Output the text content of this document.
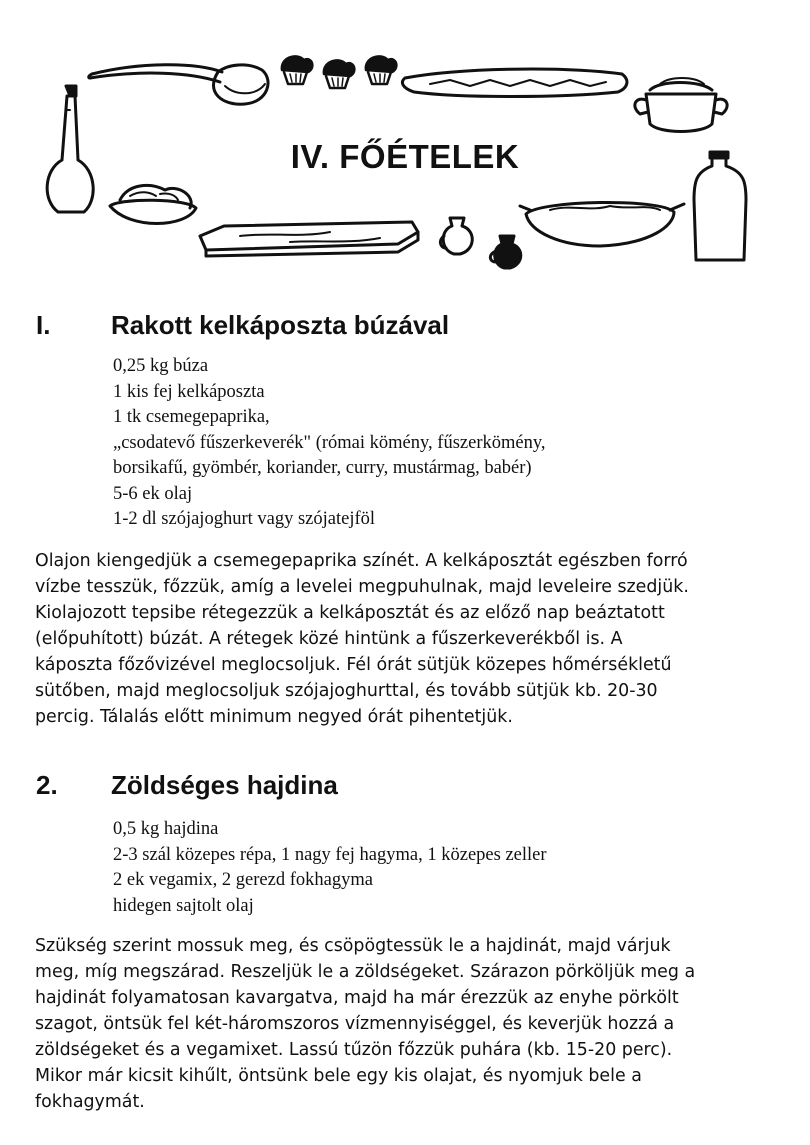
IV. FŐÉTELEK
I. Rakott kelkáposzta búzával
0,25 kg búza
1 kis fej kelkáposzta
1 tk csemegepaprika,
„csodatevő fűszerkeverék" (római kömény, fűszerkömény,
borsikafű, gyömbér, koriander, curry, mustármag, babér)
5-6 ek olaj
1-2 dl szójajoghurt vagy szójatejföl
Olajon kiengedjük a csemegepaprika színét. A kelkáposztát egészben forró
vízbe tesszük, főzzük, amíg a levelei megpuhulnak, majd leveleire szedjük.
Kiolajozott tepsibe rétegezzük a kelkáposztát és az előző nap beáztatott
(előpuhított) búzát. A rétegek közé hintünk a fűszerkeverékből is. A
káposzta főzővizével meglocsoljuk. Fél órát sütjük közepes hőmérsékletű
sütőben, majd meglocsoljuk szójajoghurttal, és tovább sütjük kb. 20-30
percig. Tálalás előtt minimum negyed órát pihentetjük.
2. Zöldséges hajdina
0,5 kg hajdina
2-3 szál közepes répa, 1 nagy fej hagyma, 1 közepes zeller
2 ek vegamix, 2 gerezd fokhagyma
hidegen sajtolt olaj
Szükség szerint mossuk meg, és csöpögtessük le a hajdinát, majd várjuk
meg, míg megszárad. Reszeljük le a zöldségeket. Szárazon pörköljük meg a
hajdinát folyamatosan kavargatva, majd ha már érezzük az enyhe pörkölt
szagot, öntsük fel két-háromszoros vízmennyiséggel, és keverjük hozzá a
zöldségeket és a vegamixet. Lassú tűzön főzzük puhára (kb. 15-20 perc).
Mikor már kicsit kihűlt, öntsünk bele egy kis olajat, és nyomjuk bele a
fokhagymát.
